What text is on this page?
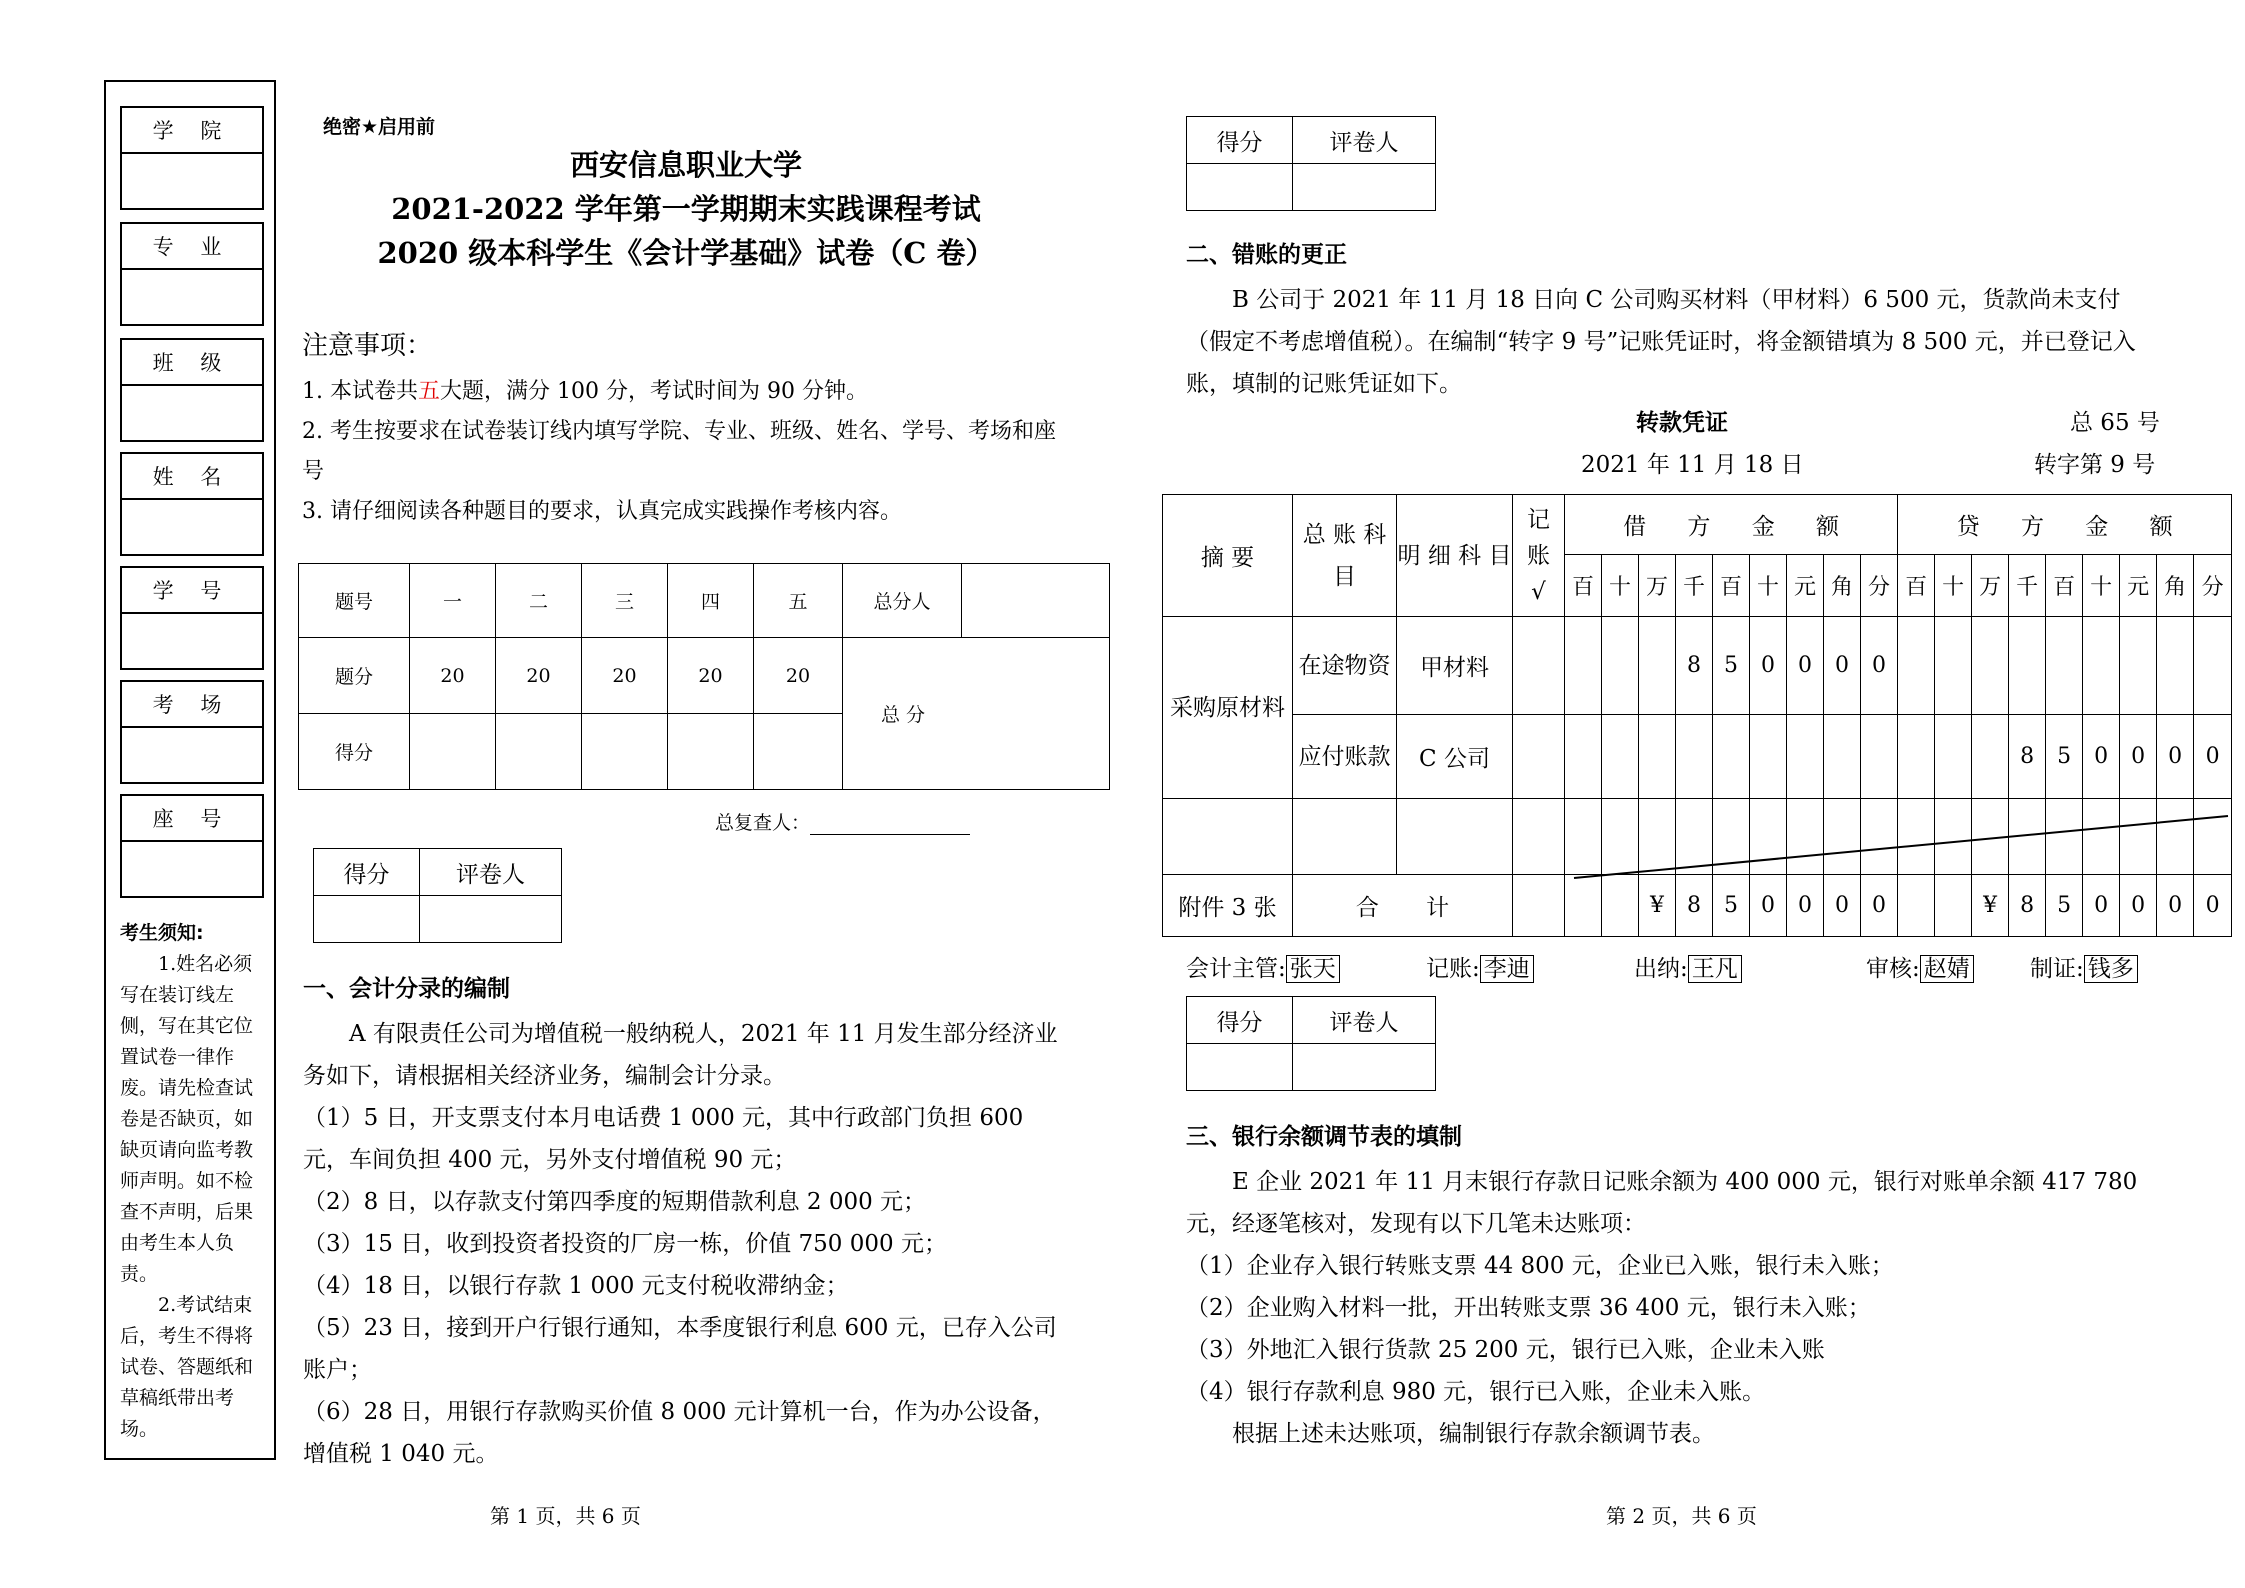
学 院
专 业
班 级
姓 名
学 号
考 场
座 号
考生须知:

1.姓名必须写在装订线左侧，写在其它位置试卷一律作废。请先检查试卷是否缺页，如缺页请向监考教师声明。如不检查不声明，后果由考生本人负责。

2.考试结束后，考生不得将试卷、答题纸和草稿纸带出考场。

绝密★启用前
西安信息职业大学
2021-2022 学年第一学期期末实践课程考试
2020 级本科学生《会计学基础》试卷（C 卷）
注意事项：
1. 本试卷共五大题，满分 100 分，考试时间为 90 分钟。
2. 考生按要求在试卷装订线内填写学院、专业、班级、姓名、学号、考场和座号
3. 请仔细阅读各种题目的要求，认真完成实践操作考核内容。
题号	一	二	三	四	五	总分人	
题分	20	20	20	20	20	总 分	
得分							
总复查人：
得分	评卷人

一、会计分录的编制
A 有限责任公司为增值税一般纳税人，2021 年 11 月发生部分经济业务如下，请根据相关经济业务，编制会计分录。
（1）5 日，开支票支付本月电话费 1 000 元，其中行政部门负担 600 元，车间负担 400 元，另外支付增值税 90 元；
（2）8 日，以存款支付第四季度的短期借款利息 2 000 元；
（3）15 日，收到投资者投资的厂房一栋，价值 750 000 元；
（4）18 日，以银行存款 1 000 元支付税收滞纳金；
（5）23 日，接到开户行银行通知，本季度银行利息 600 元，已存入公司账户；
（6）28 日，用银行存款购买价值 8 000 元计算机一台，作为办公设备，增值税 1 040 元。
第 1 页，共 6 页
得分	评卷人

二、错账的更正
B 公司于 2021 年 11 月 18 日向 C 公司购买材料（甲材料）6 500 元，货款尚未支付（假定不考虑增值税）。在编制“转字 9 号”记账凭证时，将金额错填为 8 500 元，并已登记入账，填制的记账凭证如下。
转款凭证	总 65 号
2021 年 11 月 18 日	转字第 9 号
摘 要	总 账 科 目	明 细 科 目	记 账 √	借 方 金 额									贷 方 金 额								
				百	十	万	千	百	十	元	角	分	百	十	万	千	百	十	元	角	分
采购原材料	在途物资	甲材料					8	5	0	0	0	0									
	应付账款	C 公司														8	5	0	0	0	0

附件 3 张	合 计					¥	8	5	0	0	0	0			¥	8	5	0	0	0	0
会计主管: 张天	记账: 李迪	出纳: 王凡	审核: 赵婧	制证: 钱多
得分	评卷人

三、银行余额调节表的填制
E 企业 2021 年 11 月末银行存款日记账余额为 400 000 元，银行对账单余额 417 780 元，经逐笔核对，发现有以下几笔未达账项：
（1）企业存入银行转账支票 44 800 元，企业已入账，银行未入账；
（2）企业购入材料一批，开出转账支票 36 400 元，银行未入账；
（3）外地汇入银行货款 25 200 元，银行已入账，企业未入账
（4）银行存款利息 980 元，银行已入账，企业未入账。
根据上述未达账项，编制银行存款余额调节表。
第 2 页，共 6 页
